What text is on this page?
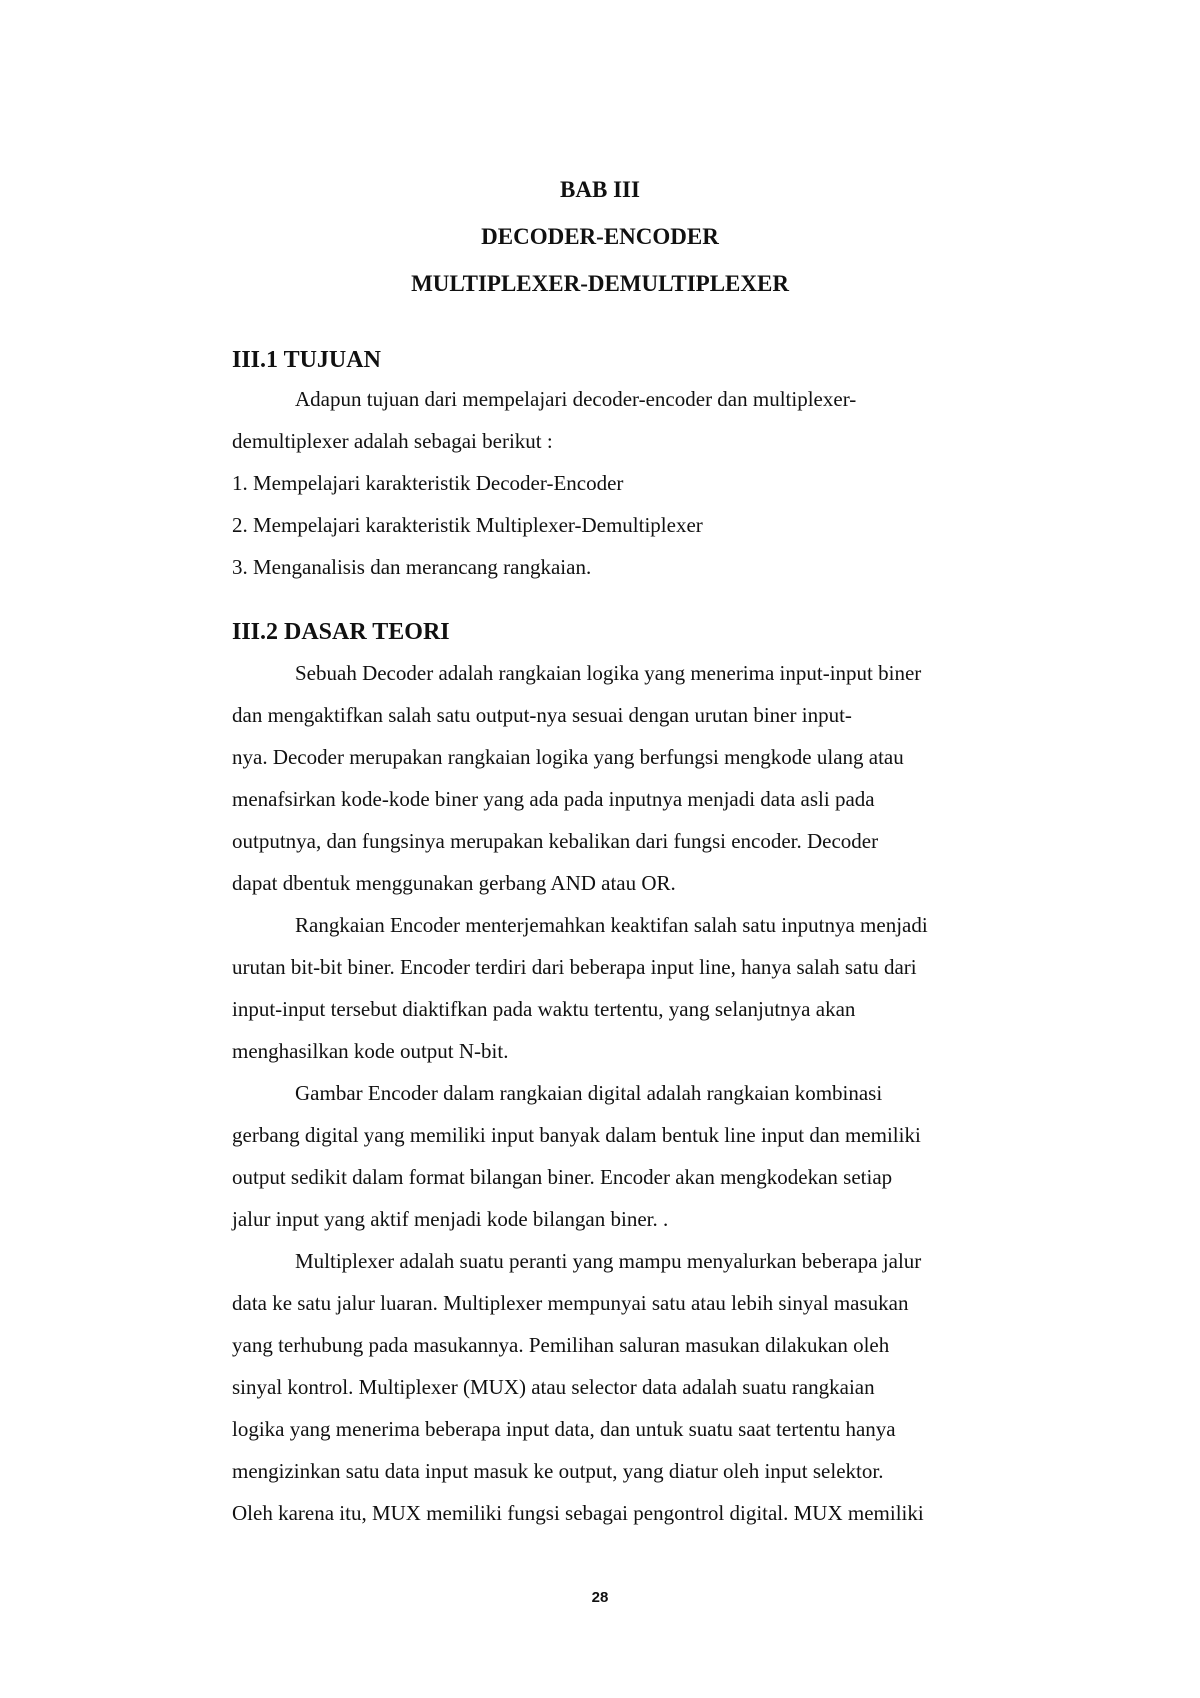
BAB III
DECODER-ENCODER
MULTIPLEXER-DEMULTIPLEXER
III.1 TUJUAN
Adapun tujuan dari mempelajari decoder-encoder dan multiplexer-
demultiplexer adalah sebagai berikut :
1. Mempelajari karakteristik Decoder-Encoder
2. Mempelajari karakteristik Multiplexer-Demultiplexer
3. Menganalisis dan merancang rangkaian.
III.2 DASAR TEORI
Sebuah Decoder adalah rangkaian logika yang menerima input-input biner
dan mengaktifkan salah satu output-nya sesuai dengan urutan biner input-
nya. Decoder merupakan rangkaian logika yang berfungsi mengkode ulang atau
menafsirkan kode-kode biner yang ada pada inputnya menjadi data asli pada
outputnya, dan fungsinya merupakan kebalikan dari fungsi encoder. Decoder
dapat dbentuk menggunakan gerbang AND atau OR.
Rangkaian Encoder menterjemahkan keaktifan salah satu inputnya menjadi
urutan bit-bit biner. Encoder terdiri dari beberapa input line, hanya salah satu dari
input-input tersebut diaktifkan pada waktu tertentu, yang selanjutnya akan
menghasilkan kode output N-bit.
Gambar Encoder dalam rangkaian digital adalah rangkaian kombinasi
gerbang digital yang memiliki input banyak dalam bentuk line input dan memiliki
output sedikit dalam format bilangan biner. Encoder akan mengkodekan setiap
jalur input yang aktif menjadi kode bilangan biner. .
Multiplexer adalah suatu peranti yang mampu menyalurkan beberapa jalur
data ke satu jalur luaran. Multiplexer mempunyai satu atau lebih sinyal masukan
yang terhubung pada masukannya. Pemilihan saluran masukan dilakukan oleh
sinyal kontrol. Multiplexer (MUX) atau selector data adalah suatu rangkaian
logika yang menerima beberapa input data, dan untuk suatu saat tertentu hanya
mengizinkan satu data input masuk ke output, yang diatur oleh input selektor.
Oleh karena itu, MUX memiliki fungsi sebagai pengontrol digital. MUX memiliki
28
